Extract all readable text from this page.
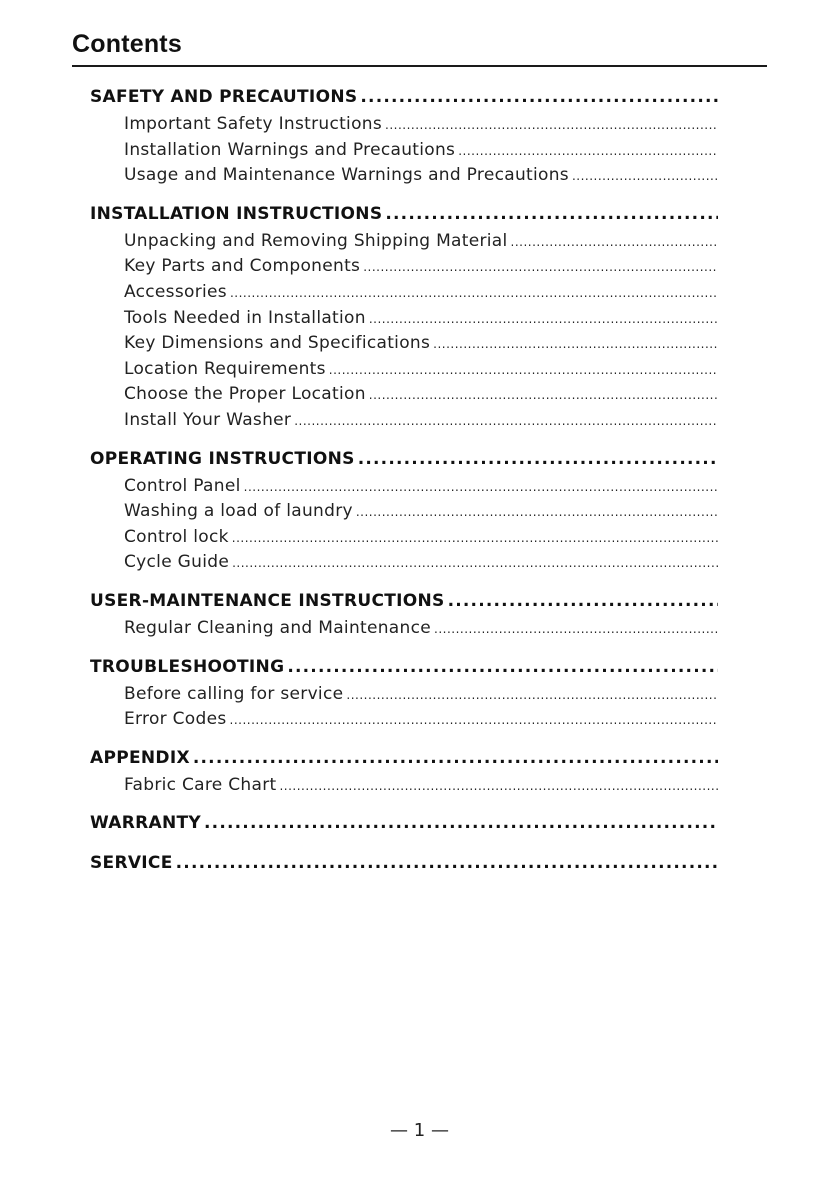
Contents
SAFETY AND PRECAUTIONS
.....
Important Safety Instructions
.....
Installation Warnings and Precautions
.....
Usage and Maintenance Warnings and Precautions
.....
INSTALLATION INSTRUCTIONS
.....
Unpacking and Removing Shipping Material
.....
Key Parts and Components
.....
Accessories
.....
Tools Needed in Installation
.....
Key Dimensions and Specifications
.....
Location Requirements
.....
Choose the Proper Location
.....
Install Your Washer
.....
OPERATING INSTRUCTIONS
.....
Control Panel
.....
Washing a load of laundry
.....
Control lock
.....
Cycle Guide
.....
USER-MAINTENANCE INSTRUCTIONS
.....
Regular Cleaning and Maintenance
.....
TROUBLESHOOTING
.....
Before calling for service
.....
Error Codes
.....
APPENDIX
.....
Fabric Care Chart
.....
WARRANTY
.....
SERVICE
.....
— 1 —
